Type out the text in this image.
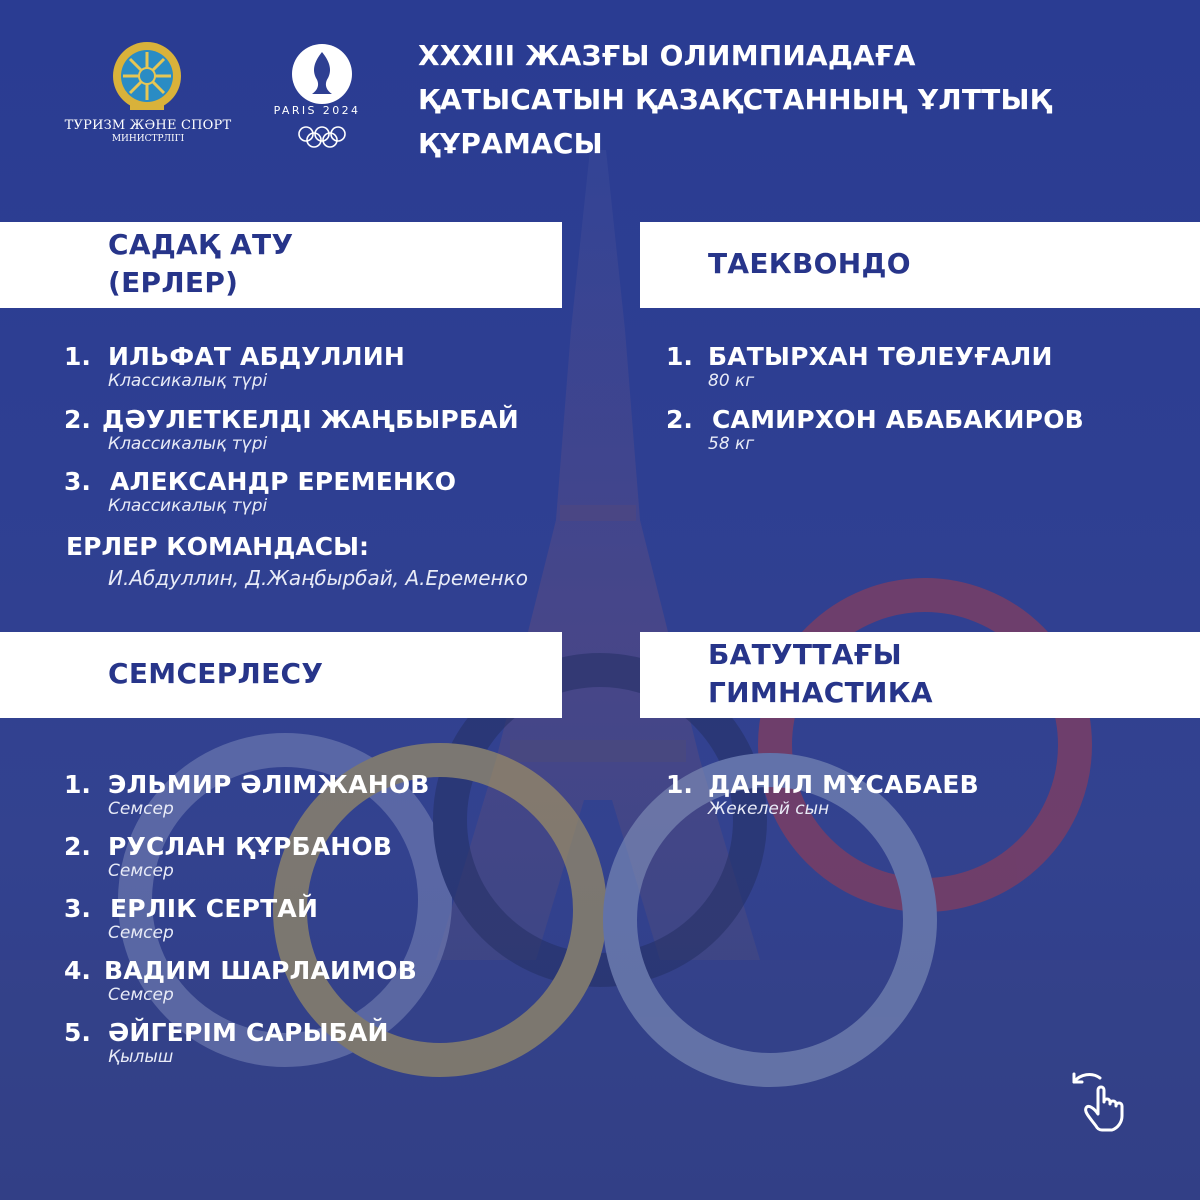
ТУРИЗМ ЖӘНЕ СПОРТ
МИНИСТРЛІГІ
PARIS 2024
XXXIII ЖАЗҒЫ ОЛИМПИАДАҒА
ҚАТЫСАТЫН ҚАЗАҚСТАННЫҢ ҰЛТТЫҚ
ҚҰРАМАСЫ
САДАҚ АТУ
(ЕРЛЕР)
ТАЕКВОНДО
СЕМСЕРЛЕСУ
БАТУТТАҒЫ
ГИМНАСТИКА
1. ИЛЬФАТ АБДУЛЛИН
Классикалық түрі
2. ДӘУЛЕТКЕЛДІ ЖАҢБЫРБАЙ
Классикалық түрі
3. АЛЕКСАНДР ЕРЕМЕНКО
Классикалық түрі
ЕРЛЕР КОМАНДАСЫ:
И.Абдуллин, Д.Жаңбырбай, А.Еременко
1. БАТЫРХАН ТӨЛЕУҒАЛИ
80 кг
2. САМИРХОН АБАБАКИРОВ
58 кг
1. ЭЛЬМИР ӘЛІМЖАНОВ
Семсер
2. РУСЛАН ҚҰРБАНОВ
Семсер
3. ЕРЛІК СЕРТАЙ
Семсер
4. ВАДИМ ШАРЛАИМОВ
Семсер
5. ӘЙГЕРІМ САРЫБАЙ
Қылыш
1. ДАНИЛ МҰСАБАЕВ
Жекелей сын
